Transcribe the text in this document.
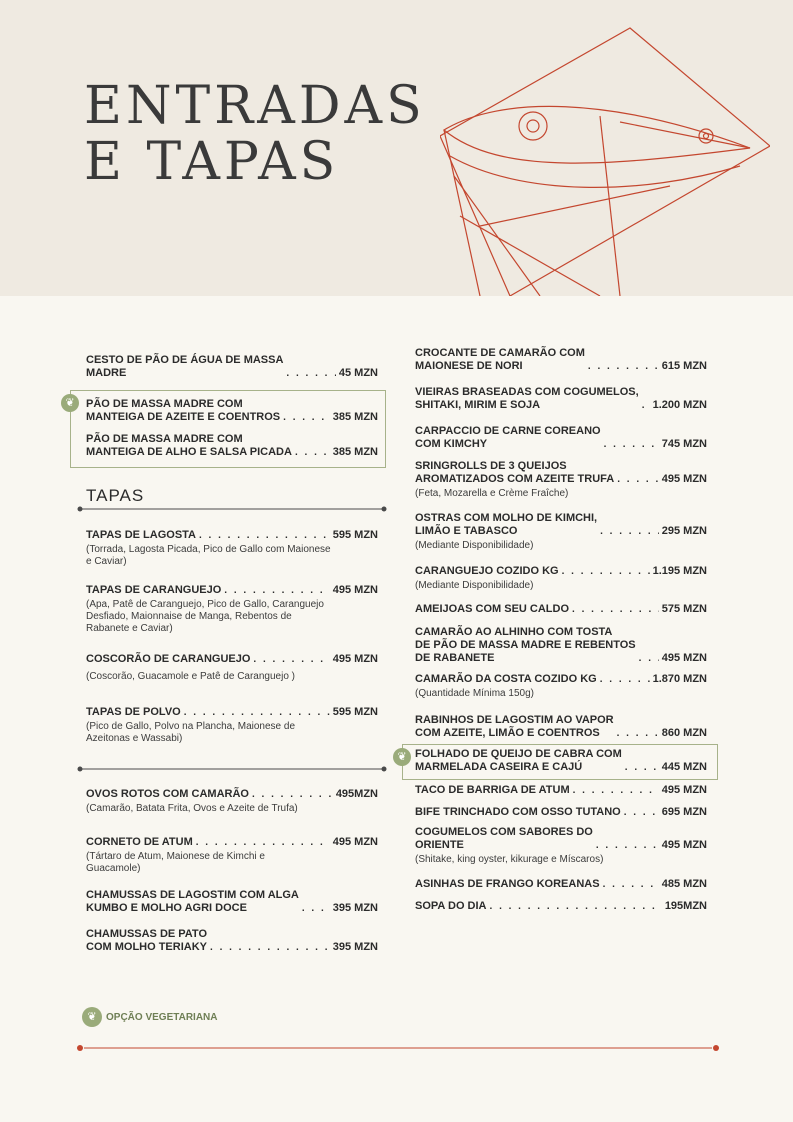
ENTRADAS
E TAPAS
CESTO DE PÃO DE ÁGUA DE MASSA
MADRE . . .	45 MZN
❦	PÃO DE MASSA MADRE COM
MANTEIGA DE AZEITE E COENTROS . . .	385 MZN
PÃO DE MASSA MADRE COM
MANTEIGA DE ALHO E SALSA PICADA . . .	385 MZN
TAPAS
TAPAS DE LAGOSTA . . .	595 MZN
(Torrada, Lagosta Picada, Pico de Gallo com Maionese
e Caviar)
TAPAS DE CARANGUEJO . . .	495 MZN
(Apa, Patê de Caranguejo, Pico de Gallo, Caranguejo
Desfiado, Maionnaise de Manga, Rebentos de
Rabanete e Caviar)
COSCORÃO DE CARANGUEJO . . .	495 MZN
(Coscorão, Guacamole e Patê de Caranguejo )
TAPAS DE POLVO . . .	595 MZN
(Pico de Gallo, Polvo na Plancha, Maionese de
Azeitonas e Wassabi)
OVOS ROTOS COM CAMARÃO . . .	495MZN
(Camarão, Batata Frita, Ovos e Azeite de Trufa)
CORNETO DE ATUM . . .	495 MZN
(Tártaro de Atum, Maionese de Kimchi e
Guacamole)
CHAMUSSAS DE LAGOSTIM COM ALGA
KUMBO E MOLHO AGRI DOCE . . .	395 MZN
CHAMUSSAS DE PATO
COM MOLHO TERIAKY . . .	395 MZN
CROCANTE DE CAMARÃO COM
MAIONESE DE NORI . . .	615 MZN
VIEIRAS BRASEADAS COM COGUMELOS,
SHITAKI, MIRIM E SOJA . . .	1.200 MZN
CARPACCIO DE CARNE COREANO
COM KIMCHY . . .	745 MZN
SRINGROLLS DE 3 QUEIJOS
AROMATIZADOS COM AZEITE TRUFA . . .	495 MZN
(Feta, Mozarella e Crème Fraîche)
OSTRAS COM MOLHO DE KIMCHI,
LIMÃO E TABASCO . . .	295 MZN
(Mediante Disponibilidade)
CARANGUEJO COZIDO KG . . .	1.195 MZN
(Mediante Disponibilidade)
AMEIJOAS COM SEU CALDO . . .	575 MZN
CAMARÃO AO ALHINHO COM TOSTA
DE PÃO DE MASSA MADRE E REBENTOS
DE RABANETE . . .	495 MZN
CAMARÃO DA COSTA COZIDO KG . . .	1.870 MZN
(Quantidade Mínima 150g)
RABINHOS DE LAGOSTIM AO VAPOR
COM AZEITE, LIMÃO E COENTROS . . .	860 MZN
❦ FOLHADO DE QUEIJO DE CABRA COM
MARMELADA CASEIRA E CAJÚ . . .	445 MZN
TACO DE BARRIGA DE ATUM . . .	495 MZN
BIFE TRINCHADO COM OSSO TUTANO . . .	695 MZN
COGUMELOS COM SABORES DO
ORIENTE . . .	495 MZN
(Shitake, king oyster, kikurage e Míscaros)
ASINHAS DE FRANGO KOREANAS . . .	485 MZN
SOPA DO DIA . . .	195MZN
❦ OPÇÃO VEGETARIANA
